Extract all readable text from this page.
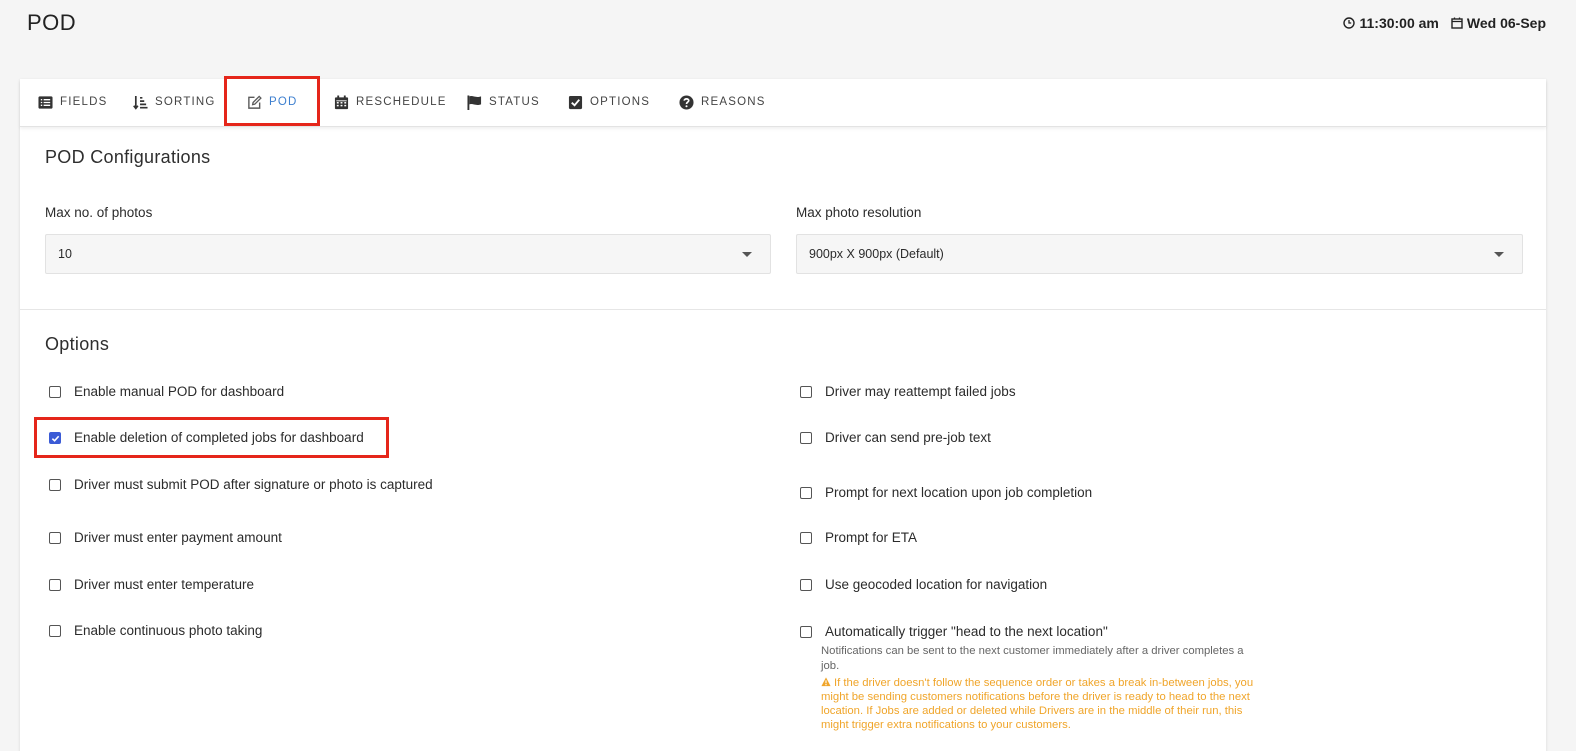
POD	11:30:00 am Wed 06-Sep
FIELDS	SORTING	POD	RESCHEDULE	STATUS	OPTIONS	REASONS
POD Configurations
Max no. of photos
10
Max photo resolution
900px X 900px (Default)
Options
Enable manual POD for dashboard
Enable deletion of completed jobs for dashboard
Driver must submit POD after signature or photo is captured
Driver must enter payment amount
Driver must enter temperature
Enable continuous photo taking
Driver may reattempt failed jobs
Driver can send pre-job text
Prompt for next location upon job completion
Prompt for ETA
Use geocoded location for navigation
Automatically trigger "head to the next location"
Notifications can be sent to the next customer immediately after a driver completes a job.
If the driver doesn't follow the sequence order or takes a break in-between jobs, you might be sending customers notifications before the driver is ready to head to the next location. If Jobs are added or deleted while Drivers are in the middle of their run, this might trigger extra notifications to your customers.
